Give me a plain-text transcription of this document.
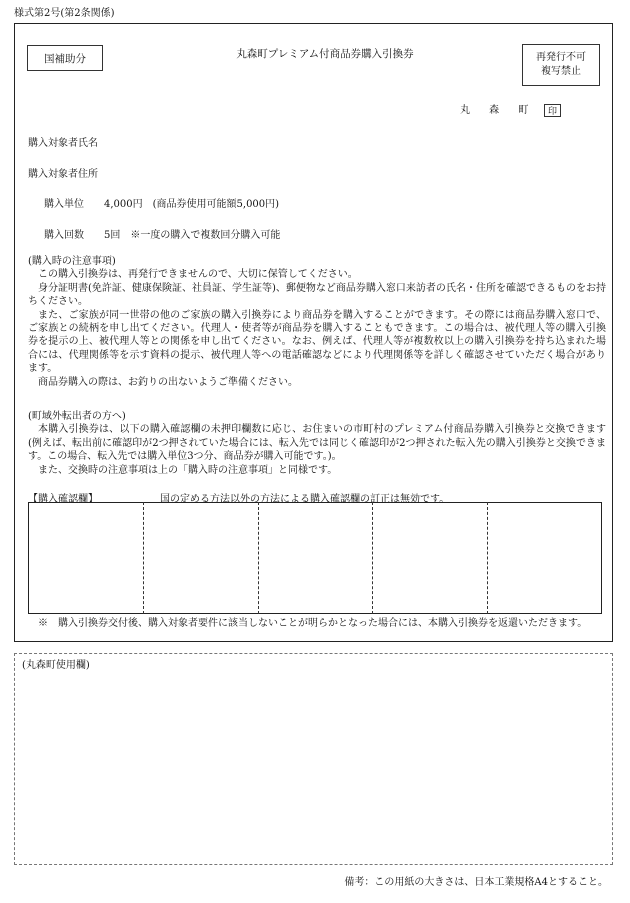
様式第2号(第2条関係)
国補助分	丸森町プレミアム付商品券購入引換券	再発行不可
複写禁止
丸 森 町	印
購入対象者氏名
購入対象者住所
購入単位　　4,000円　(商品券使用可能額5,000円)
購入回数　　5回　※一度の購入で複数回分購入可能

(購入時の注意事項)

この購入引換券は、再発行できませんので、大切に保管してください。

身分証明書(免許証、健康保険証、社員証、学生証等)、郵便物など商品券購入窓口来訪者の氏名・住所を確認できるものをお持ちください。

また、ご家族が同一世帯の他のご家族の購入引換券により商品券を購入することができます。その際には商品券購入窓口で、ご家族との続柄を申し出てください。代理人・使者等が商品券を購入することもできます。この場合は、被代理人等の購入引換券を提示の上、被代理人等との関係を申し出てください。なお、例えば、代理人等が複数枚以上の購入引換券を持ち込まれた場合には、代理関係等を示す資料の提示、被代理人等への電話確認などにより代理関係等を詳しく確認させていただく場合があります。

商品券購入の際は、お釣りの出ないようご準備ください。

(町域外転出者の方へ)

本購入引換券は、以下の購入確認欄の未押印欄数に応じ、お住まいの市町村のプレミアム付商品券購入引換券と交換できます(例えば、転出前に確認印が2つ押されていた場合には、転入先では同じく確認印が2つ押された転入先の購入引換券と交換できます。この場合、転入先では購入単位3つ分、商品券が購入可能です。)。

また、交換時の注意事項は上の「購入時の注意事項」と同様です。

【購入確認欄】	国の定める方法以外の方法による購入確認欄の訂正は無効です。
※　購入引換券交付後、購入対象者要件に該当しないことが明らかとなった場合には、本購入引換券を返還いただきます。
(丸森町使用欄)
備考：この用紙の大きさは、日本工業規格A4とすること。
